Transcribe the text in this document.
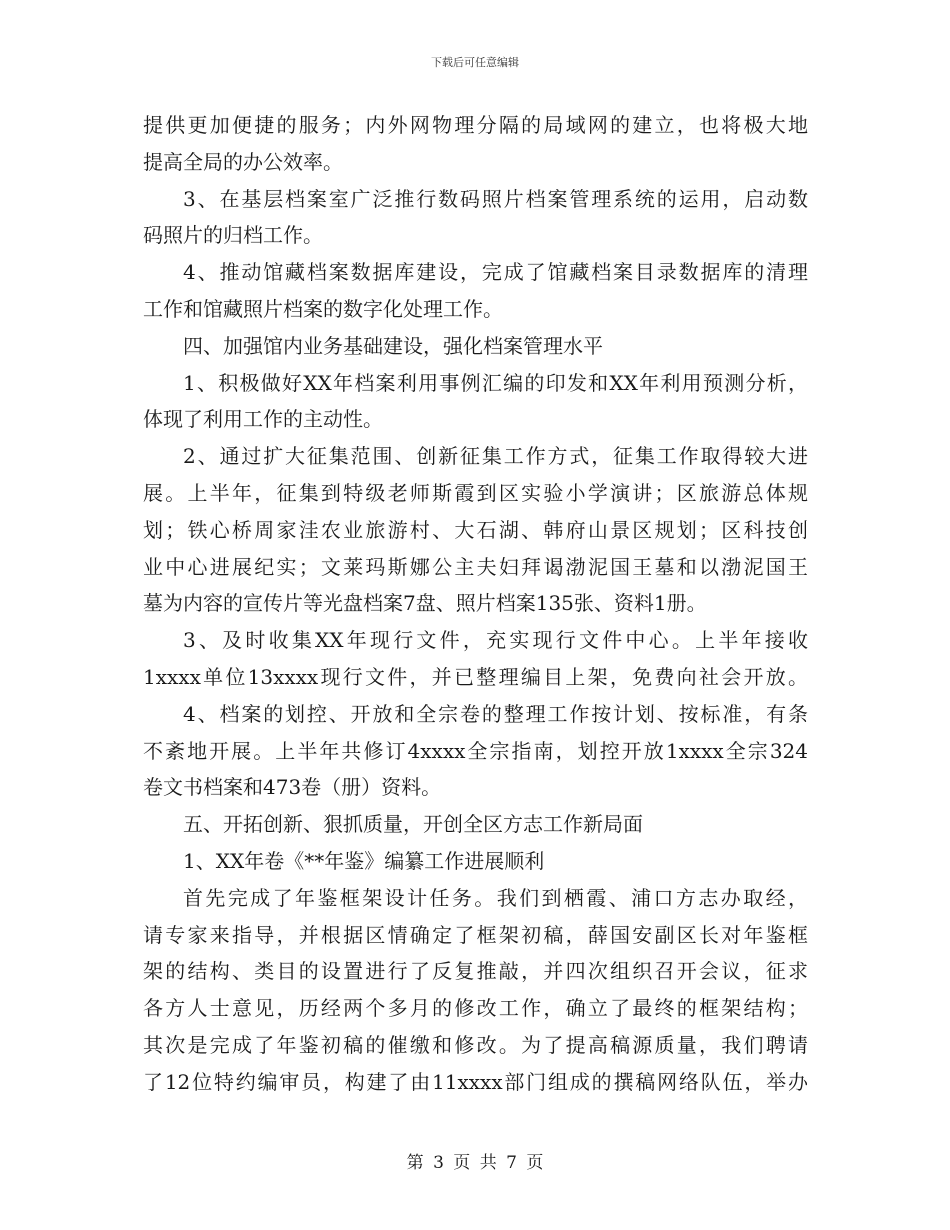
下载后可任意编辑
提供更加便捷的服务；内外网物理分隔的局域网的建立，也将极大地
提高全局的办公效率。
3、在基层档案室广泛推行数码照片档案管理系统的运用，启动数
码照片的归档工作。
4、推动馆藏档案数据库建设，完成了馆藏档案目录数据库的清理
工作和馆藏照片档案的数字化处理工作。
四、加强馆内业务基础建设，强化档案管理水平
1、积极做好XX年档案利用事例汇编的印发和XX年利用预测分析，
体现了利用工作的主动性。
2、通过扩大征集范围、创新征集工作方式，征集工作取得较大进
展。上半年，征集到特级老师斯霞到区实验小学演讲；区旅游总体规
划；铁心桥周家洼农业旅游村、大石湖、韩府山景区规划；区科技创
业中心进展纪实；文莱玛斯娜公主夫妇拜谒渤泥国王墓和以渤泥国王
墓为内容的宣传片等光盘档案7盘、照片档案135张、资料1册。
3、及时收集XX年现行文件，充实现行文件中心。上半年接收
1xxxx单位13xxxx现行文件，并已整理编目上架，免费向社会开放。
4、档案的划控、开放和全宗卷的整理工作按计划、按标准，有条
不紊地开展。上半年共修订4xxxx全宗指南，划控开放1xxxx全宗324
卷文书档案和473卷（册）资料。
五、开拓创新、狠抓质量，开创全区方志工作新局面
1、XX年卷《**年鉴》编纂工作进展顺利
首先完成了年鉴框架设计任务。我们到栖霞、浦口方志办取经，
请专家来指导，并根据区情确定了框架初稿，薛国安副区长对年鉴框
架的结构、类目的设置进行了反复推敲，并四次组织召开会议，征求
各方人士意见，历经两个多月的修改工作，确立了最终的框架结构；
其次是完成了年鉴初稿的催缴和修改。为了提高稿源质量，我们聘请
了12位特约编审员，构建了由11xxxx部门组成的撰稿网络队伍，举办
第 3 页 共 7 页
